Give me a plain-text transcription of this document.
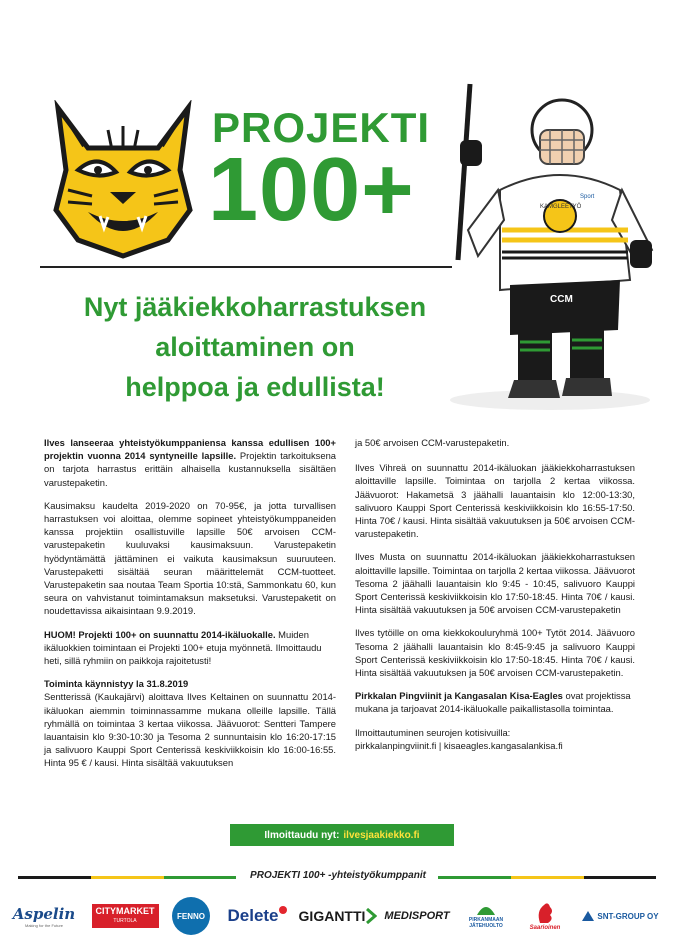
PROJEKTI
100+	KAMGLEETYÖ
Sport
CCM
Nyt jääkiekkoharrastuksen
aloittaminen on
helppoa ja edullista!

Ilves lanseeraa yhteistyökumppaniensa kanssa edullisen 100+ projektin vuonna 2014 syntyneille lapsille. Projektin tarkoituksena on tarjota harrastus erittäin alhaisella kustannuksella sisältäen varustepaketin.

Kausimaksu kaudelta 2019-2020 on 70-95€, ja jotta turvallisen harrastuksen voi aloittaa, olemme sopineet yhteistyökumppaneiden kanssa projektiin osallistuville lapsille 50€ arvoisen CCM-varustepaketin kuuluvaksi kausimaksuun. Varustepaketin hyödyntämättä jättäminen ei vaikuta kausimaksun suuruuteen. Varustepaketti sisältää seuran määrittelemät CCM-tuotteet. Varustepaketin saa noutaa Team Sportia 10:stä, Sammonkatu 60, kun seura on vahvistanut toimintamaksun maksetuksi. Varustepaketit on noudettavissa aikaisintaan 9.9.2019.

HUOM! Projekti 100+ on suunnattu 2014-ikäluokalle. Muiden ikäluokkien toimintaan ei Projekti 100+ etuja myönnetä. Ilmoittaudu heti, sillä ryhmiin on paikkoja rajoitetusti!

Toiminta käynnistyy la 31.8.2019
Sentterissä (Kaukajärvi) aloittava Ilves Keltainen on suunnattu 2014-ikäluokan aiemmin toiminnassamme mukana olleille lapsille. Tällä ryhmällä on toimintaa 3 kertaa viikossa. Jäävuorot: Sentteri Tampere lauantaisin klo 9:30-10:30 ja Tesoma 2 sunnuntaisin klo 16:20-17:15 ja salivuoro Kauppi Sport Centerissä keskiviikkoisin klo 16:00-16:55. Hinta 95 € / kausi. Hinta sisältää vakuutuksen

ja 50€ arvoisen CCM-varustepaketin.

Ilves Vihreä on suunnattu 2014-ikäluokan jääkiekkoharrastuksen aloittaville lapsille. Toimintaa on tarjolla 2 kertaa viikossa. Jäävuorot: Hakametsä 3 jäähalli lauantaisin klo 12:00-13:30, salivuoro Kauppi Sport Centerissä keskiviikkoisin klo 16:55-17:50. Hinta 70€ / kausi. Hinta sisältää vakuutuksen ja 50€ arvoisen CCM-varustepaketin.

Ilves Musta on suunnattu 2014-ikäluokan jääkiekkoharrastuksen aloittaville lapsille. Toimintaa on tarjolla 2 kertaa viikossa. Jäävuorot Tesoma 2 jäähalli lauantaisin klo 9:45 - 10:45, salivuoro Kauppi Sport Centerissä keskiviikkoisin klo 17:50-18:45. Hinta 70€ / kausi. Hinta sisältää vakuutuksen ja 50€ arvoisen CCM-varustepaketin

Ilves tytöille on oma kiekkokouluryhmä 100+ Tytöt 2014. Jäävuoro Tesoma 2 jäähalli lauantaisin klo 8:45-9:45 ja salivuoro Kauppi Sport Centerissä keskiviikkoisin klo 17:50-18:45. Hinta 70€ / kausi. Hinta sisältää vakuutuksen ja 50€ arvoisen CCM-varustepaketin.

Pirkkalan Pingviinit ja Kangasalan Kisa-Eagles ovat projektissa mukana ja tarjoavat 2014-ikäluokalle paikallistasolla toimintaa.

Ilmoittautuminen seurojen kotisivuilla:
pirkkalanpingviinit.fi | kisaeagles.kangasalankisa.fi

Ilmoittaudu nyt: ilvesjaakiekko.fi
PROJEKTI 100+ -yhteistyökumppanit
Aspelin
Making for the Future
CITYMARKET
TURTOLA
FENNO Delete GIGANTTI MEDISPORT	PIRKANMAAN
JÄTEHUOLTO	Saarioinen
SNT-GROUP OY
